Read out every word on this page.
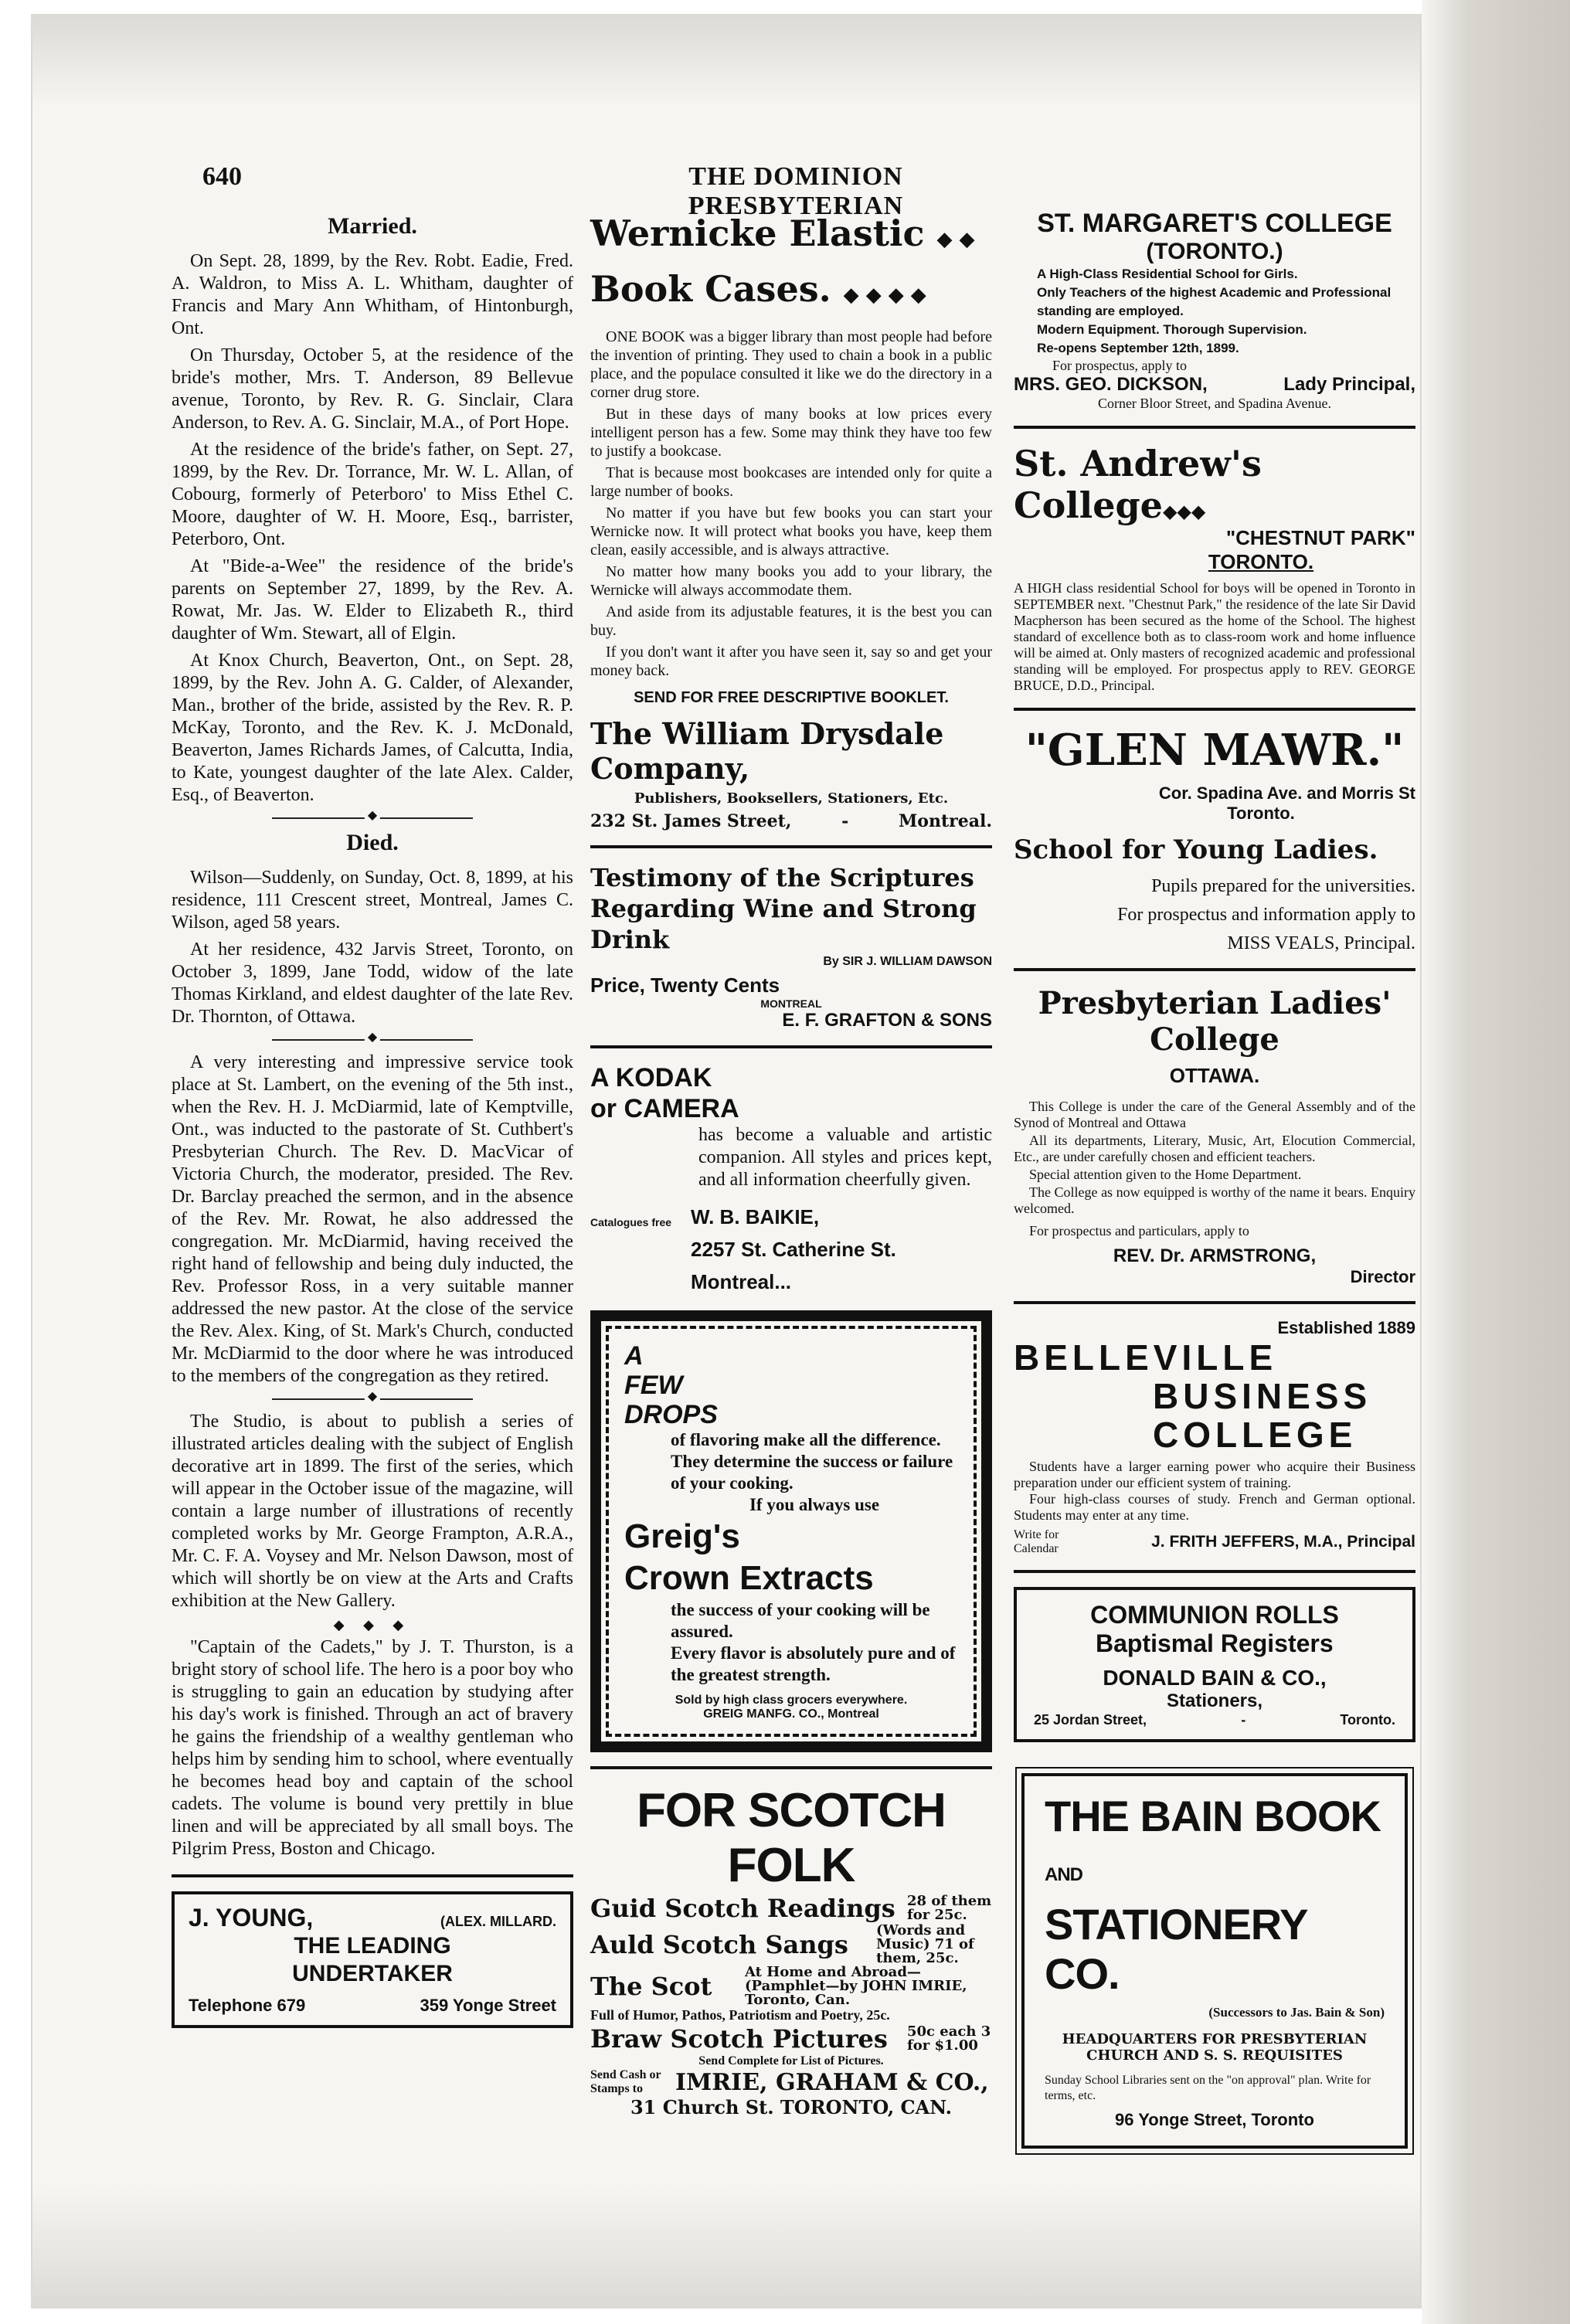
640	THE DOMINION PRESBYTERIAN
Married.

On Sept. 28, 1899, by the Rev. Robt. Eadie, Fred. A. Waldron, to Miss A. L. Whitham, daughter of Francis and Mary Ann Whitham, of Hintonburgh, Ont.

On Thursday, October 5, at the residence of the bride's mother, Mrs. T. Anderson, 89 Bellevue avenue, Toronto, by Rev. R. G. Sinclair, Clara Anderson, to Rev. A. G. Sinclair, M.A., of Port Hope.

At the residence of the bride's father, on Sept. 27, 1899, by the Rev. Dr. Torrance, Mr. W. L. Allan, of Cobourg, formerly of Peterboro' to Miss Ethel C. Moore, daughter of W. H. Moore, Esq., barrister, Peterboro, Ont.

At "Bide-a-Wee" the residence of the bride's parents on September 27, 1899, by the Rev. A. Rowat, Mr. Jas. W. Elder to Elizabeth R., third daughter of Wm. Stewart, all of Elgin.

At Knox Church, Beaverton, Ont., on Sept. 28, 1899, by the Rev. John A. G. Calder, of Alexander, Man., brother of the bride, assisted by the Rev. R. P. McKay, Toronto, and the Rev. K. J. McDonald, Beaverton, James Richards James, of Calcutta, India, to Kate, youngest daughter of the late Alex. Calder, Esq., of Beaverton.

◆
Died.

Wilson—Suddenly, on Sunday, Oct. 8, 1899, at his residence, 111 Crescent street, Montreal, James C. Wilson, aged 58 years.

At her residence, 432 Jarvis Street, Toronto, on October 3, 1899, Jane Todd, widow of the late Thomas Kirkland, and eldest daughter of the late Rev. Dr. Thornton, of Ottawa.

◆

A very interesting and impressive service took place at St. Lambert, on the evening of the 5th inst., when the Rev. H. J. McDiarmid, late of Kemptville, Ont., was inducted to the pastorate of St. Cuthbert's Presbyterian Church. The Rev. D. MacVicar of Victoria Church, the moderator, presided. The Rev. Dr. Barclay preached the sermon, and in the absence of the Rev. Mr. Rowat, he also addressed the congregation. Mr. McDiarmid, having received the right hand of fellowship and being duly inducted, the Rev. Professor Ross, in a very suitable manner addressed the new pastor. At the close of the service the Rev. Alex. King, of St. Mark's Church, conducted Mr. McDiarmid to the door where he was introduced to the members of the congregation as they retired.

◆

The Studio, is about to publish a series of illustrated articles dealing with the subject of English decorative art in 1899. The first of the series, which will appear in the October issue of the magazine, will contain a large number of illustrations of recently completed works by Mr. George Frampton, A.R.A., Mr. C. F. A. Voysey and Mr. Nelson Dawson, most of which will shortly be on view at the Arts and Crafts exhibition at the New Gallery.

◆ ◆ ◆

"Captain of the Cadets," by J. T. Thurston, is a bright story of school life. The hero is a poor boy who is struggling to gain an education by studying after his day's work is finished. Through an act of bravery he gains the friendship of a wealthy gentleman who helps him by sending him to school, where eventually he becomes head boy and captain of the school cadets. The volume is bound very prettily in blue linen and will be appreciated by all small boys. The Pilgrim Press, Boston and Chicago.

J. YOUNG,	(ALEX. MILLARD.
THE LEADING
UNDERTAKER
Telephone 679	359 Yonge Street
Wernicke Elastic ◆ ◆
Book Cases. ◆ ◆ ◆ ◆

ONE BOOK was a bigger library than most people had before the invention of printing. They used to chain a book in a public place, and the populace consulted it like we do the directory in a corner drug store.

But in these days of many books at low prices every intelligent person has a few. Some may think they have too few to justify a bookcase.

That is because most bookcases are intended only for quite a large number of books.

No matter if you have but few books you can start your Wernicke now. It will protect what books you have, keep them clean, easily accessible, and is always attractive.

No matter how many books you add to your library, the Wernicke will always accommodate them.

And aside from its adjustable features, it is the best you can buy.

If you don't want it after you have seen it, say so and get your money back.

SEND FOR FREE DESCRIPTIVE BOOKLET.
The William Drysdale Company,
Publishers, Booksellers, Stationers, Etc.
232 St. James Street,	-	Montreal.
Testimony of the Scriptures Regarding Wine and Strong Drink
By SIR J. WILLIAM DAWSON
Price, Twenty Cents
MONTREAL
E. F. GRAFTON & SONS
A KODAK
or CAMERA
has become a valuable and artistic companion. All styles and prices kept, and all information cheerfully given.
Catalogues free W. B. BAIKIE,
2257 St. Catherine St.
Montreal...
A
FEW
DROPS
of flavoring make all the difference. They determine the success or failure of your cooking.
If you always use
Greig's
Crown Extracts
the success of your cooking will be assured.
Every flavor is absolutely pure and of the greatest strength.
Sold by high class grocers everywhere.
GREIG MANFG. CO., Montreal
FOR SCOTCH FOLK
Guid Scotch Readings 28 of them for 25c.
Auld Scotch Sangs (Words and Music) 71 of them, 25c.
The Scot At Home and Abroad—(Pamphlet—by JOHN IMRIE, Toronto, Can.
Full of Humor, Pathos, Patriotism and Poetry, 25c.
Braw Scotch Pictures 50c each 3 for $1.00
Send Complete for List of Pictures.
Send Cash or Stamps to	IMRIE, GRAHAM & CO.,
31 Church St. TORONTO, CAN.
ST. MARGARET'S COLLEGE
(TORONTO.)
A High-Class Residential School for Girls.
Only Teachers of the highest Academic and Professional standing are employed.
Modern Equipment. Thorough Supervision.
Re-opens September 12th, 1899.
For prospectus, apply to
MRS. GEO. DICKSON,	Lady Principal,
Corner Bloor Street, and Spadina Avenue.
St. Andrew's College◆◆◆
"CHESTNUT PARK"
TORONTO.
A HIGH class residential School for boys will be opened in Toronto in SEPTEMBER next. "Chestnut Park," the residence of the late Sir David Macpherson has been secured as the home of the School. The highest standard of excellence both as to class-room work and home influence will be aimed at. Only masters of recognized academic and professional standing will be employed. For prospectus apply to REV. GEORGE BRUCE, D.D., Principal.
"GLEN MAWR."
Cor. Spadina Ave. and Morris St
Toronto.
School for Young Ladies.
Pupils prepared for the universities.
For prospectus and information apply to
MISS VEALS, Principal.
Presbyterian Ladies' College
OTTAWA.

This College is under the care of the General Assembly and of the Synod of Montreal and Ottawa

All its departments, Literary, Music, Art, Elocution Commercial, Etc., are under carefully chosen and efficient teachers.

Special attention given to the Home Department.

The College as now equipped is worthy of the name it bears. Enquiry welcomed.

For prospectus and particulars, apply to

REV. Dr. ARMSTRONG,
Director
Established 1889
BELLEVILLE
BUSINESS
COLLEGE

Students have a larger earning power who acquire their Business preparation under our efficient system of training.

Four high-class courses of study. French and German optional. Students may enter at any time.

Write for Calendar	J. FRITH JEFFERS, M.A., Principal
COMMUNION ROLLS
Baptismal Registers
DONALD BAIN & CO.,
Stationers,
25 Jordan Street,	-	Toronto.
THE BAIN BOOK AND
STATIONERY CO.
(Successors to Jas. Bain & Son)
HEADQUARTERS FOR PRESBYTERIAN
CHURCH AND S. S. REQUISITES
Sunday School Libraries sent on the "on approval" plan. Write for terms, etc.
96 Yonge Street, Toronto
